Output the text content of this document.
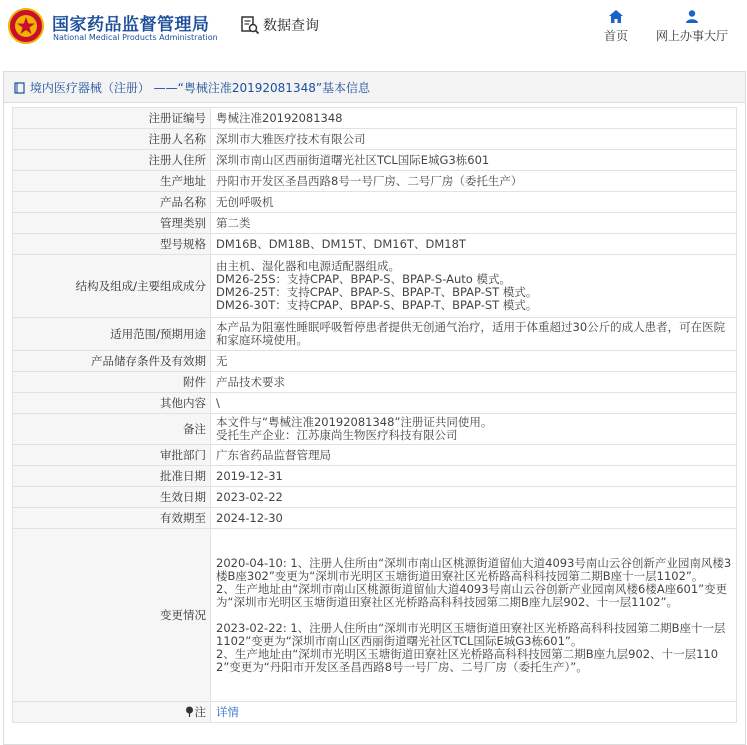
国家药品监督管理局
National Medical Products Administration
数据查询
首页	网上办事大厅
境内医疗器械（注册） ——“粤械注准20192081348”基本信息
注册证编号	粤械注准20192081348
注册人名称	深圳市大雅医疗技术有限公司
注册人住所	深圳市南山区西丽街道曙光社区TCL国际E城G3栋601
生产地址	丹阳市开发区圣昌西路8号一号厂房、二号厂房（委托生产）
产品名称	无创呼吸机
管理类别	第二类
型号规格	DM16B、DM18B、DM15T、DM16T、DM18T
结构及组成/主要组成成分	由主机、湿化器和电源适配器组成。
DM26-25S：支持CPAP、BPAP-S、BPAP-S-Auto 模式。
DM26-25T：支持CPAP、BPAP-S、BPAP-T、BPAP-ST 模式。
DM26-30T：支持CPAP、BPAP-S、BPAP-T、BPAP-ST 模式。
适用范围/预期用途	本产品为阻塞性睡眠呼吸暂停患者提供无创通气治疗，适用于体重超过30公斤的成人患者，可在医院和家庭环境使用。
产品储存条件及有效期	无
附件	产品技术要求
其他内容	\
备注	本文件与“粤械注准20192081348”注册证共同使用。
受托生产企业：江苏康尚生物医疗科技有限公司
审批部门	广东省药品监督管理局
批准日期	2019-12-31
生效日期	2023-02-22
有效期至	2024-12-30
变更情况	2020-04-10: 1、注册人住所由“深圳市南山区桃源街道留仙大道4093号南山云谷创新产业园南风楼3楼B座302”变更为“深圳市光明区玉塘街道田寮社区光桥路高科科技园第二期B座十一层1102”。
2、生产地址由“深圳市南山区桃源街道留仙大道4093号南山云谷创新产业园南风楼6楼A座601”变更为“深圳市光明区玉塘街道田寮社区光桥路高科科技园第二期B座九层902、十一层1102”。

2023-02-22: 1、注册人住所由“深圳市光明区玉塘街道田寮社区光桥路高科科技园第二期B座十一层1102”变更为“深圳市南山区西丽街道曙光社区TCL国际E城G3栋601”。
2、生产地址由“深圳市光明区玉塘街道田寮社区光桥路高科科技园第二期B座九层902、十一层1102”变更为“丹阳市开发区圣昌西路8号一号厂房、二号厂房（委托生产）”。
注	详情
